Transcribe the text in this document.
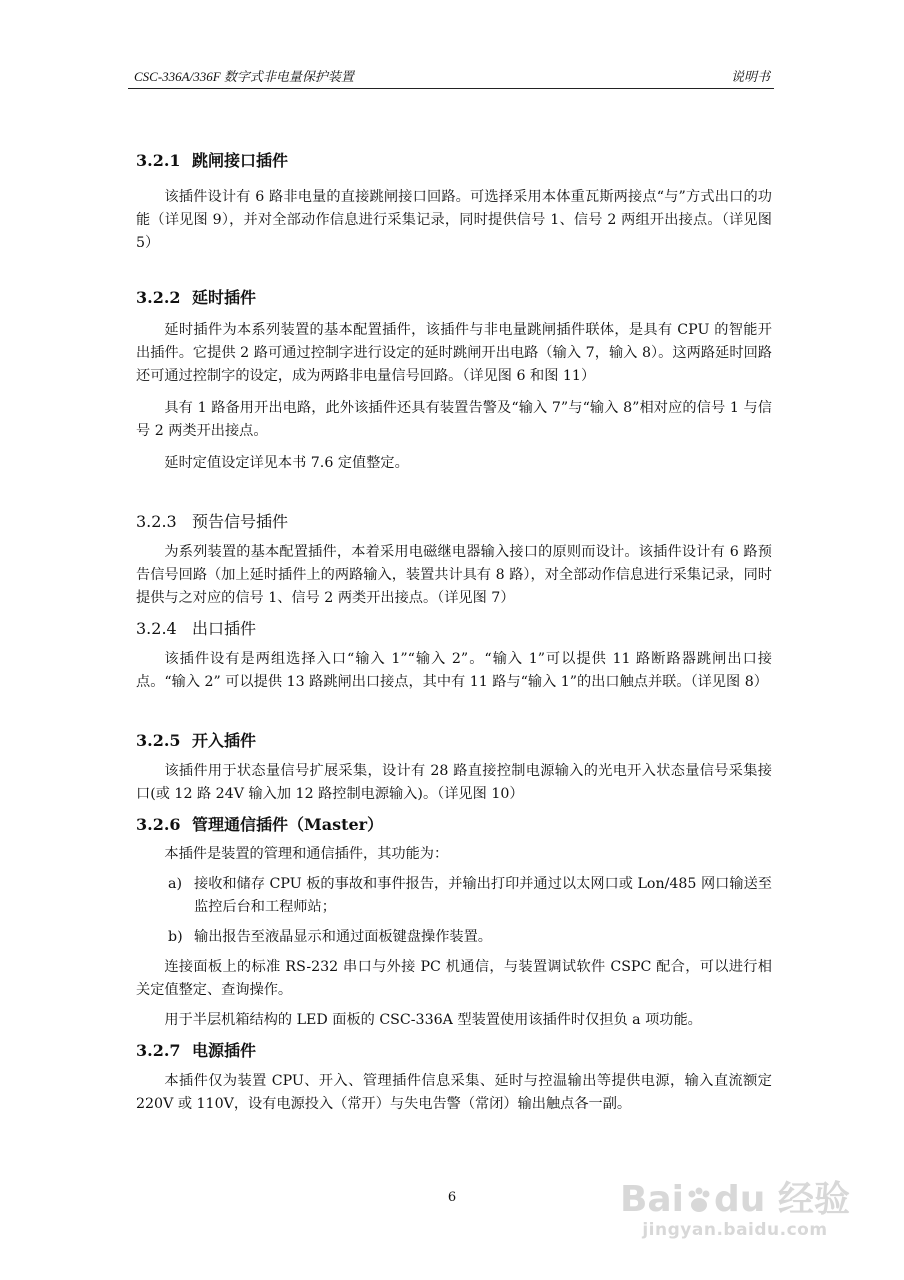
CSC-336A/336F 数字式非电量保护装置	说明书
3.2.1 跳闸接口插件

该插件设计有 6 路非电量的直接跳闸接口回路。可选择采用本体重瓦斯两接点“与”方式出口的功能（详见图 9），并对全部动作信息进行采集记录，同时提供信号 1、信号 2 两组开出接点。（详见图 5）

3.2.2 延时插件

延时插件为本系列装置的基本配置插件，该插件与非电量跳闸插件联体，是具有 CPU 的智能开出插件。它提供 2 路可通过控制字进行设定的延时跳闸开出电路（输入 7，输入 8）。这两路延时回路还可通过控制字的设定，成为两路非电量信号回路。（详见图 6 和图 11）

具有 1 路备用开出电路，此外该插件还具有装置告警及“输入 7”与“输入 8”相对应的信号 1 与信号 2 两类开出接点。

延时定值设定详见本书 7.6 定值整定。

3.2.3 预告信号插件

为系列装置的基本配置插件，本着采用电磁继电器输入接口的原则而设计。该插件设计有 6 路预告信号回路（加上延时插件上的两路输入，装置共计具有 8 路），对全部动作信息进行采集记录，同时提供与之对应的信号 1、信号 2 两类开出接点。（详见图 7）

3.2.4 出口插件

该插件设有是两组选择入口“输入 1”“输入 2”。“输入 1”可以提供 11 路断路器跳闸出口接点。“输入 2” 可以提供 13 路跳闸出口接点，其中有 11 路与“输入 1”的出口触点并联。（详见图 8）

3.2.5 开入插件

该插件用于状态量信号扩展采集，设计有 28 路直接控制电源输入的光电开入状态量信号采集接口(或 12 路 24V 输入加 12 路控制电源输入)。（详见图 10）

3.2.6 管理通信插件（Master）

本插件是装置的管理和通信插件，其功能为：

a) 接收和储存 CPU 板的事故和事件报告，并输出打印并通过以太网口或 Lon/485 网口输送至监控后台和工程师站；
b) 输出报告至液晶显示和通过面板键盘操作装置。

连接面板上的标准 RS-232 串口与外接 PC 机通信，与装置调试软件 CSPC 配合，可以进行相关定值整定、查询操作。

用于半层机箱结构的 LED 面板的 CSC-336A 型装置使用该插件时仅担负 a 项功能。

3.2.7 电源插件

本插件仅为装置 CPU、开入、管理插件信息采集、延时与控温输出等提供电源，输入直流额定 220V 或 110V，设有电源投入（常开）与失电告警（常闭）输出触点各一副。

6	Bai du 经验
jingyan.baidu.com
